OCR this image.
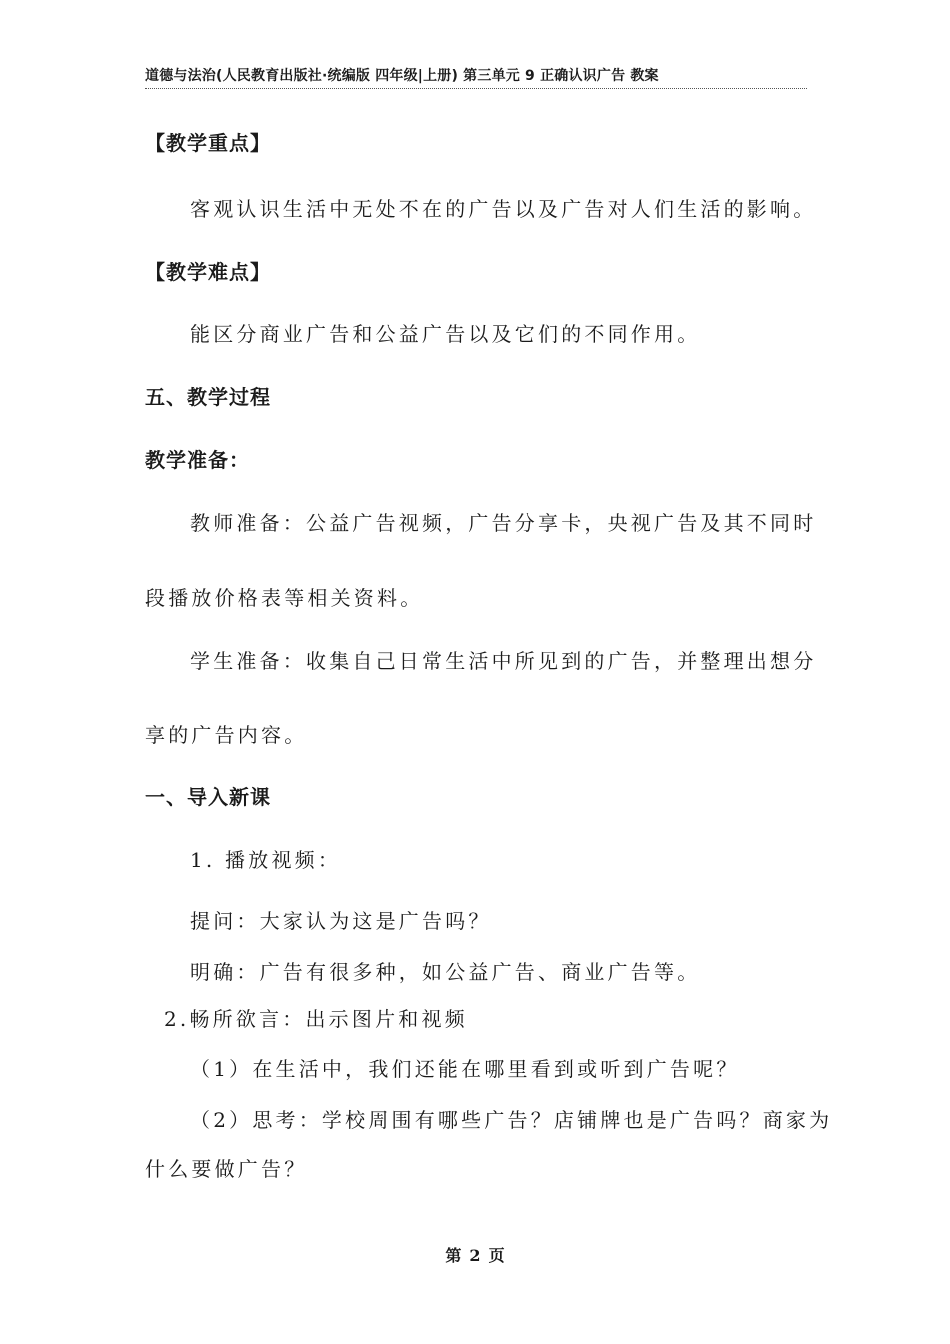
道德与法治(人民教育出版社·统编版 四年级|上册) 第三单元 9 正确认识广告 教案
【教学重点】
客观认识生活中无处不在的广告以及广告对人们生活的影响。
【教学难点】
能区分商业广告和公益广告以及它们的不同作用。
五、教学过程
教学准备：
教师准备：公益广告视频，广告分享卡，央视广告及其不同时
段播放价格表等相关资料。
学生准备：收集自己日常生活中所见到的广告，并整理出想分
享的广告内容。
一、导入新课
1. 播放视频：
提问：大家认为这是广告吗？
明确：广告有很多种，如公益广告、商业广告等。
2.畅所欲言：出示图片和视频
（1）在生活中，我们还能在哪里看到或听到广告呢？
（2）思考：学校周围有哪些广告？店铺牌也是广告吗？商家为
什么要做广告？
第 2 页
